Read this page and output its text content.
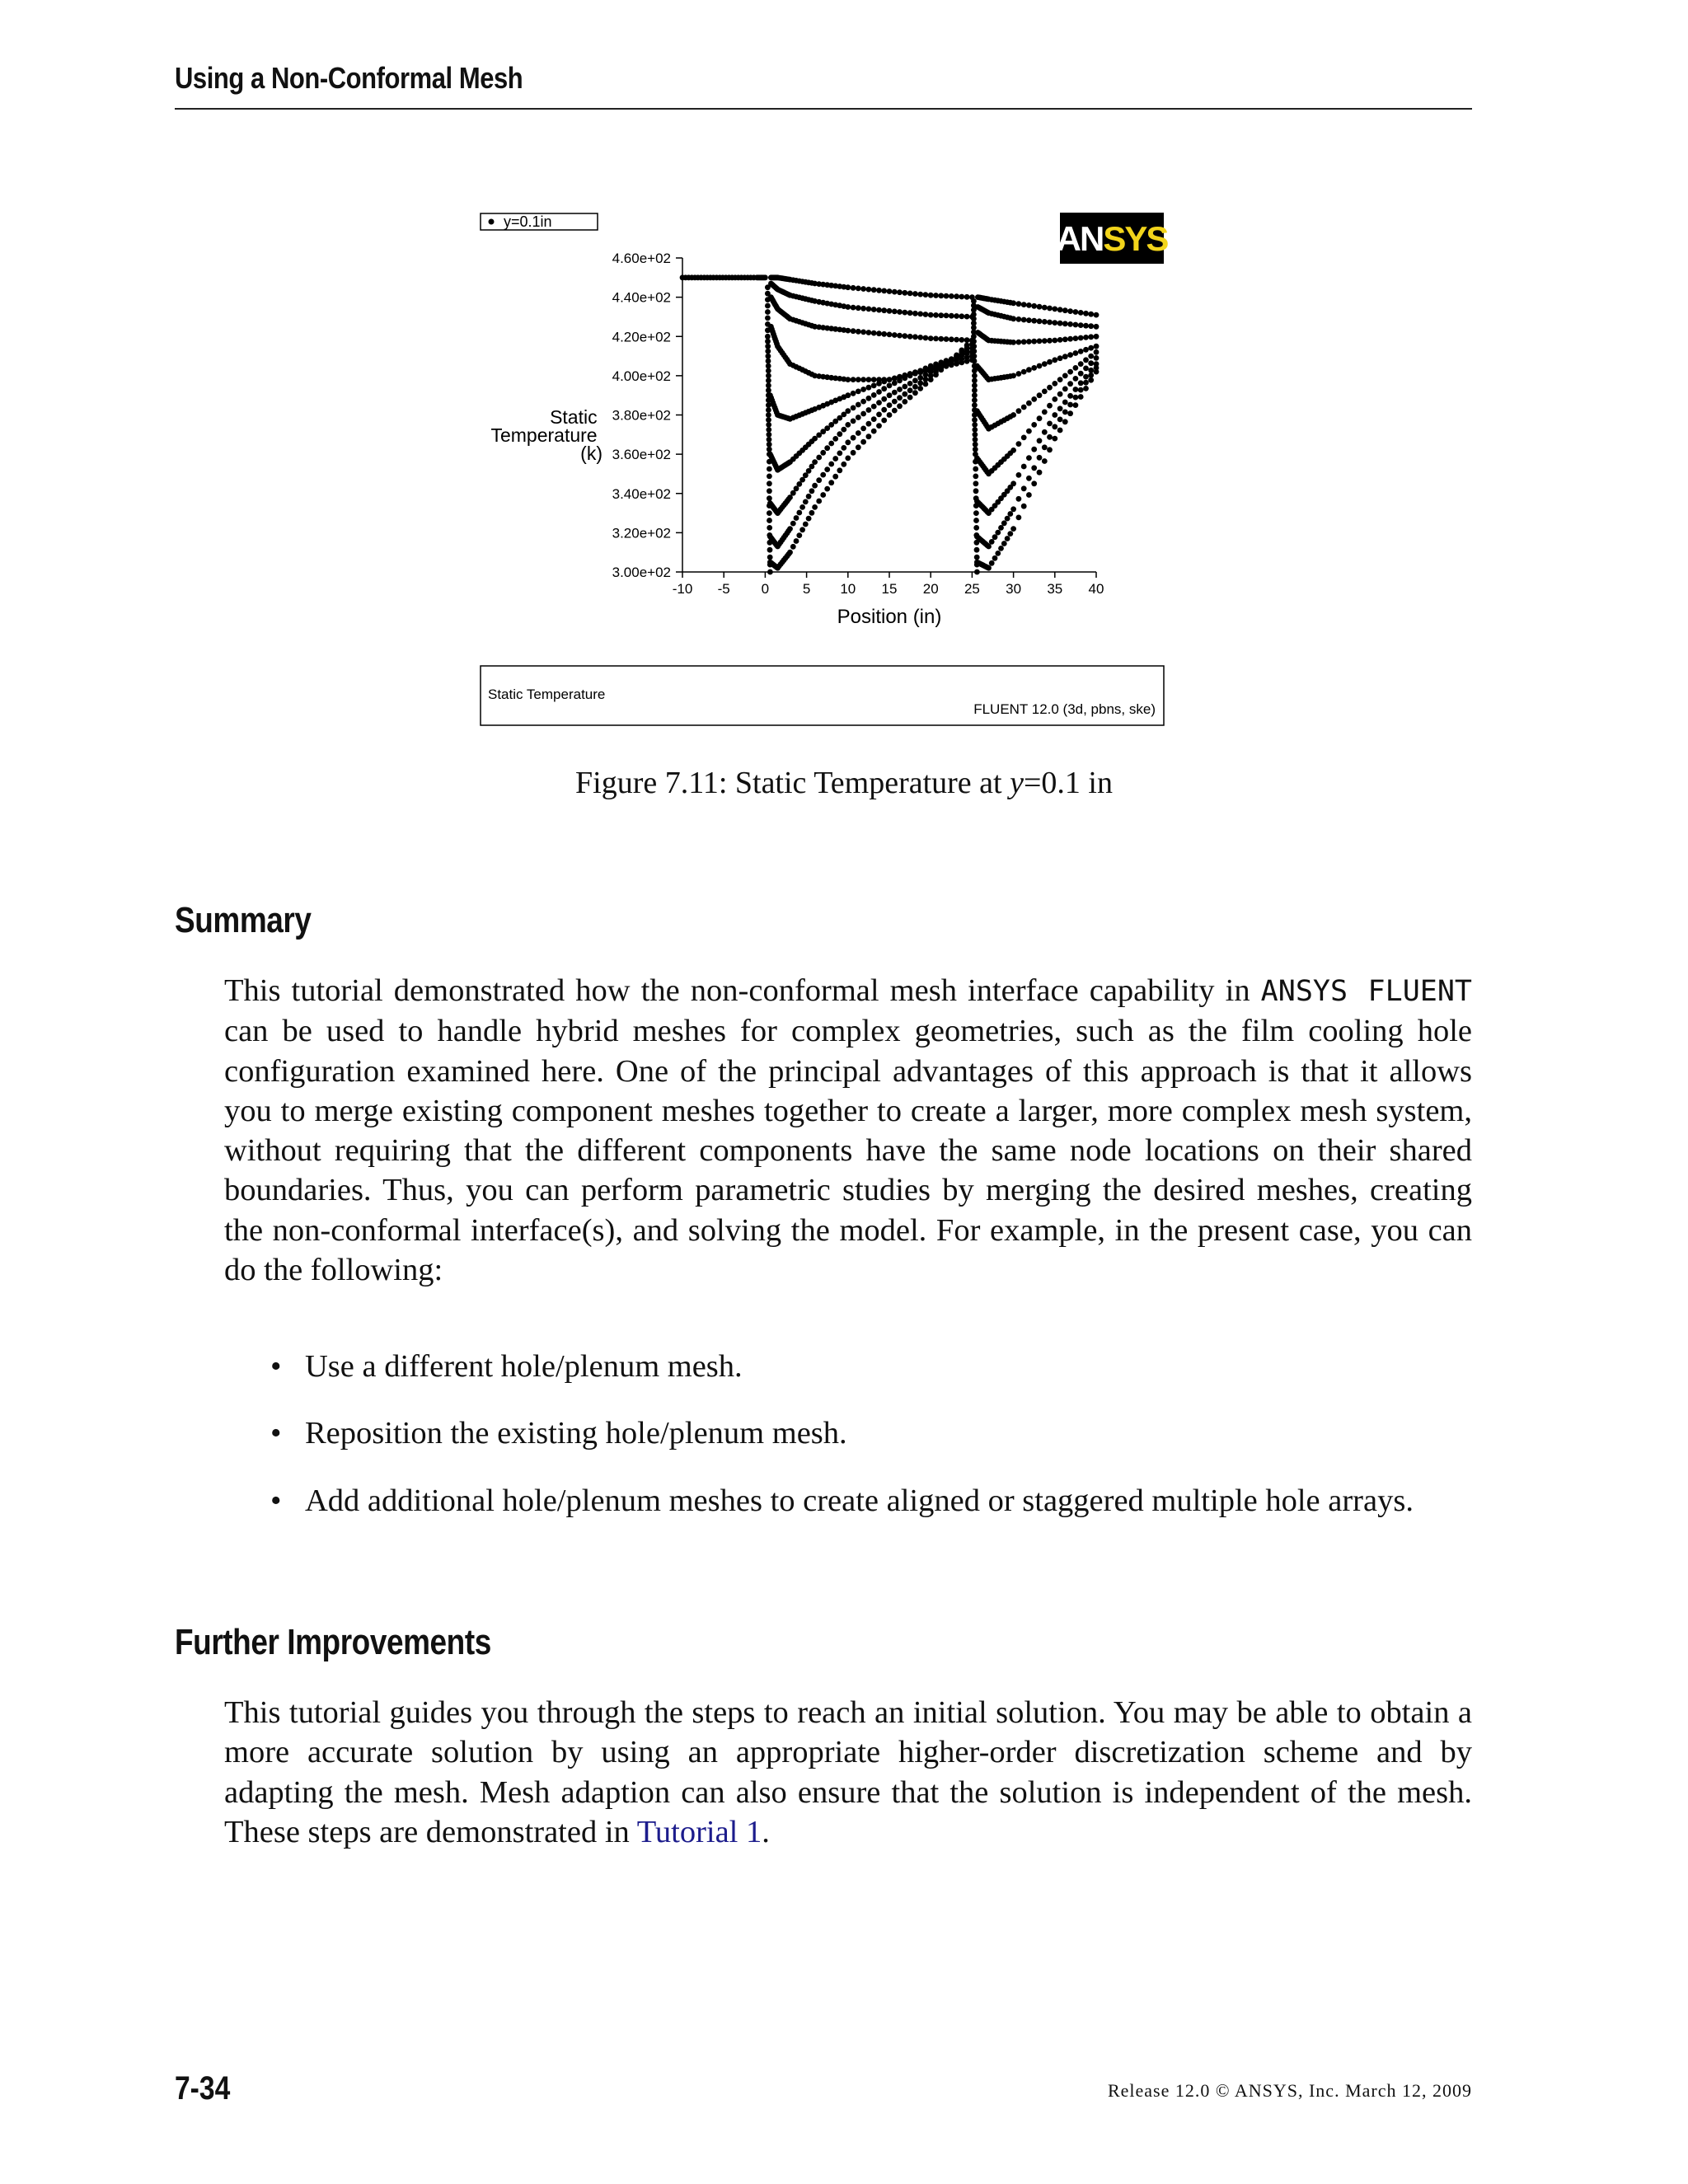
Using a Non-Conformal Mesh
y=0.1in	ANSYS
3.00e+02
3.20e+02
3.40e+02
3.60e+02
3.80e+02
4.00e+02
4.20e+02
4.40e+02
4.60e+02
-10 -5 0 5 10 15 20 25 30 35 40
Static Temperature (k)
Position (in)
Static Temperature
FLUENT 12.0 (3d, pbns, ske)
Figure 7.11: Static Temperature at y=0.1 in
Summary
This tutorial demonstrated how the non-conformal mesh interface capability in ANSYS FLUENT can be used to handle hybrid meshes for complex geometries, such as the film cooling hole configuration examined here. One of the principal advantages of this approach is that it allows you to merge existing component meshes together to create a larger, more complex mesh system, without requiring that the different components have the same node locations on their shared boundaries. Thus, you can perform parametric studies by merging the desired meshes, creating the non-conformal interface(s), and solving the model. For example, in the present case, you can do the following:
• Use a different hole/plenum mesh.
• Reposition the existing hole/plenum mesh.
• Add additional hole/plenum meshes to create aligned or staggered multiple hole arrays.
Further Improvements
This tutorial guides you through the steps to reach an initial solution. You may be able to obtain a more accurate solution by using an appropriate higher-order discretization scheme and by adapting the mesh. Mesh adaption can also ensure that the solution is independent of the mesh. These steps are demonstrated in Tutorial 1.
7-34	Release 12.0 © ANSYS, Inc. March 12, 2009
